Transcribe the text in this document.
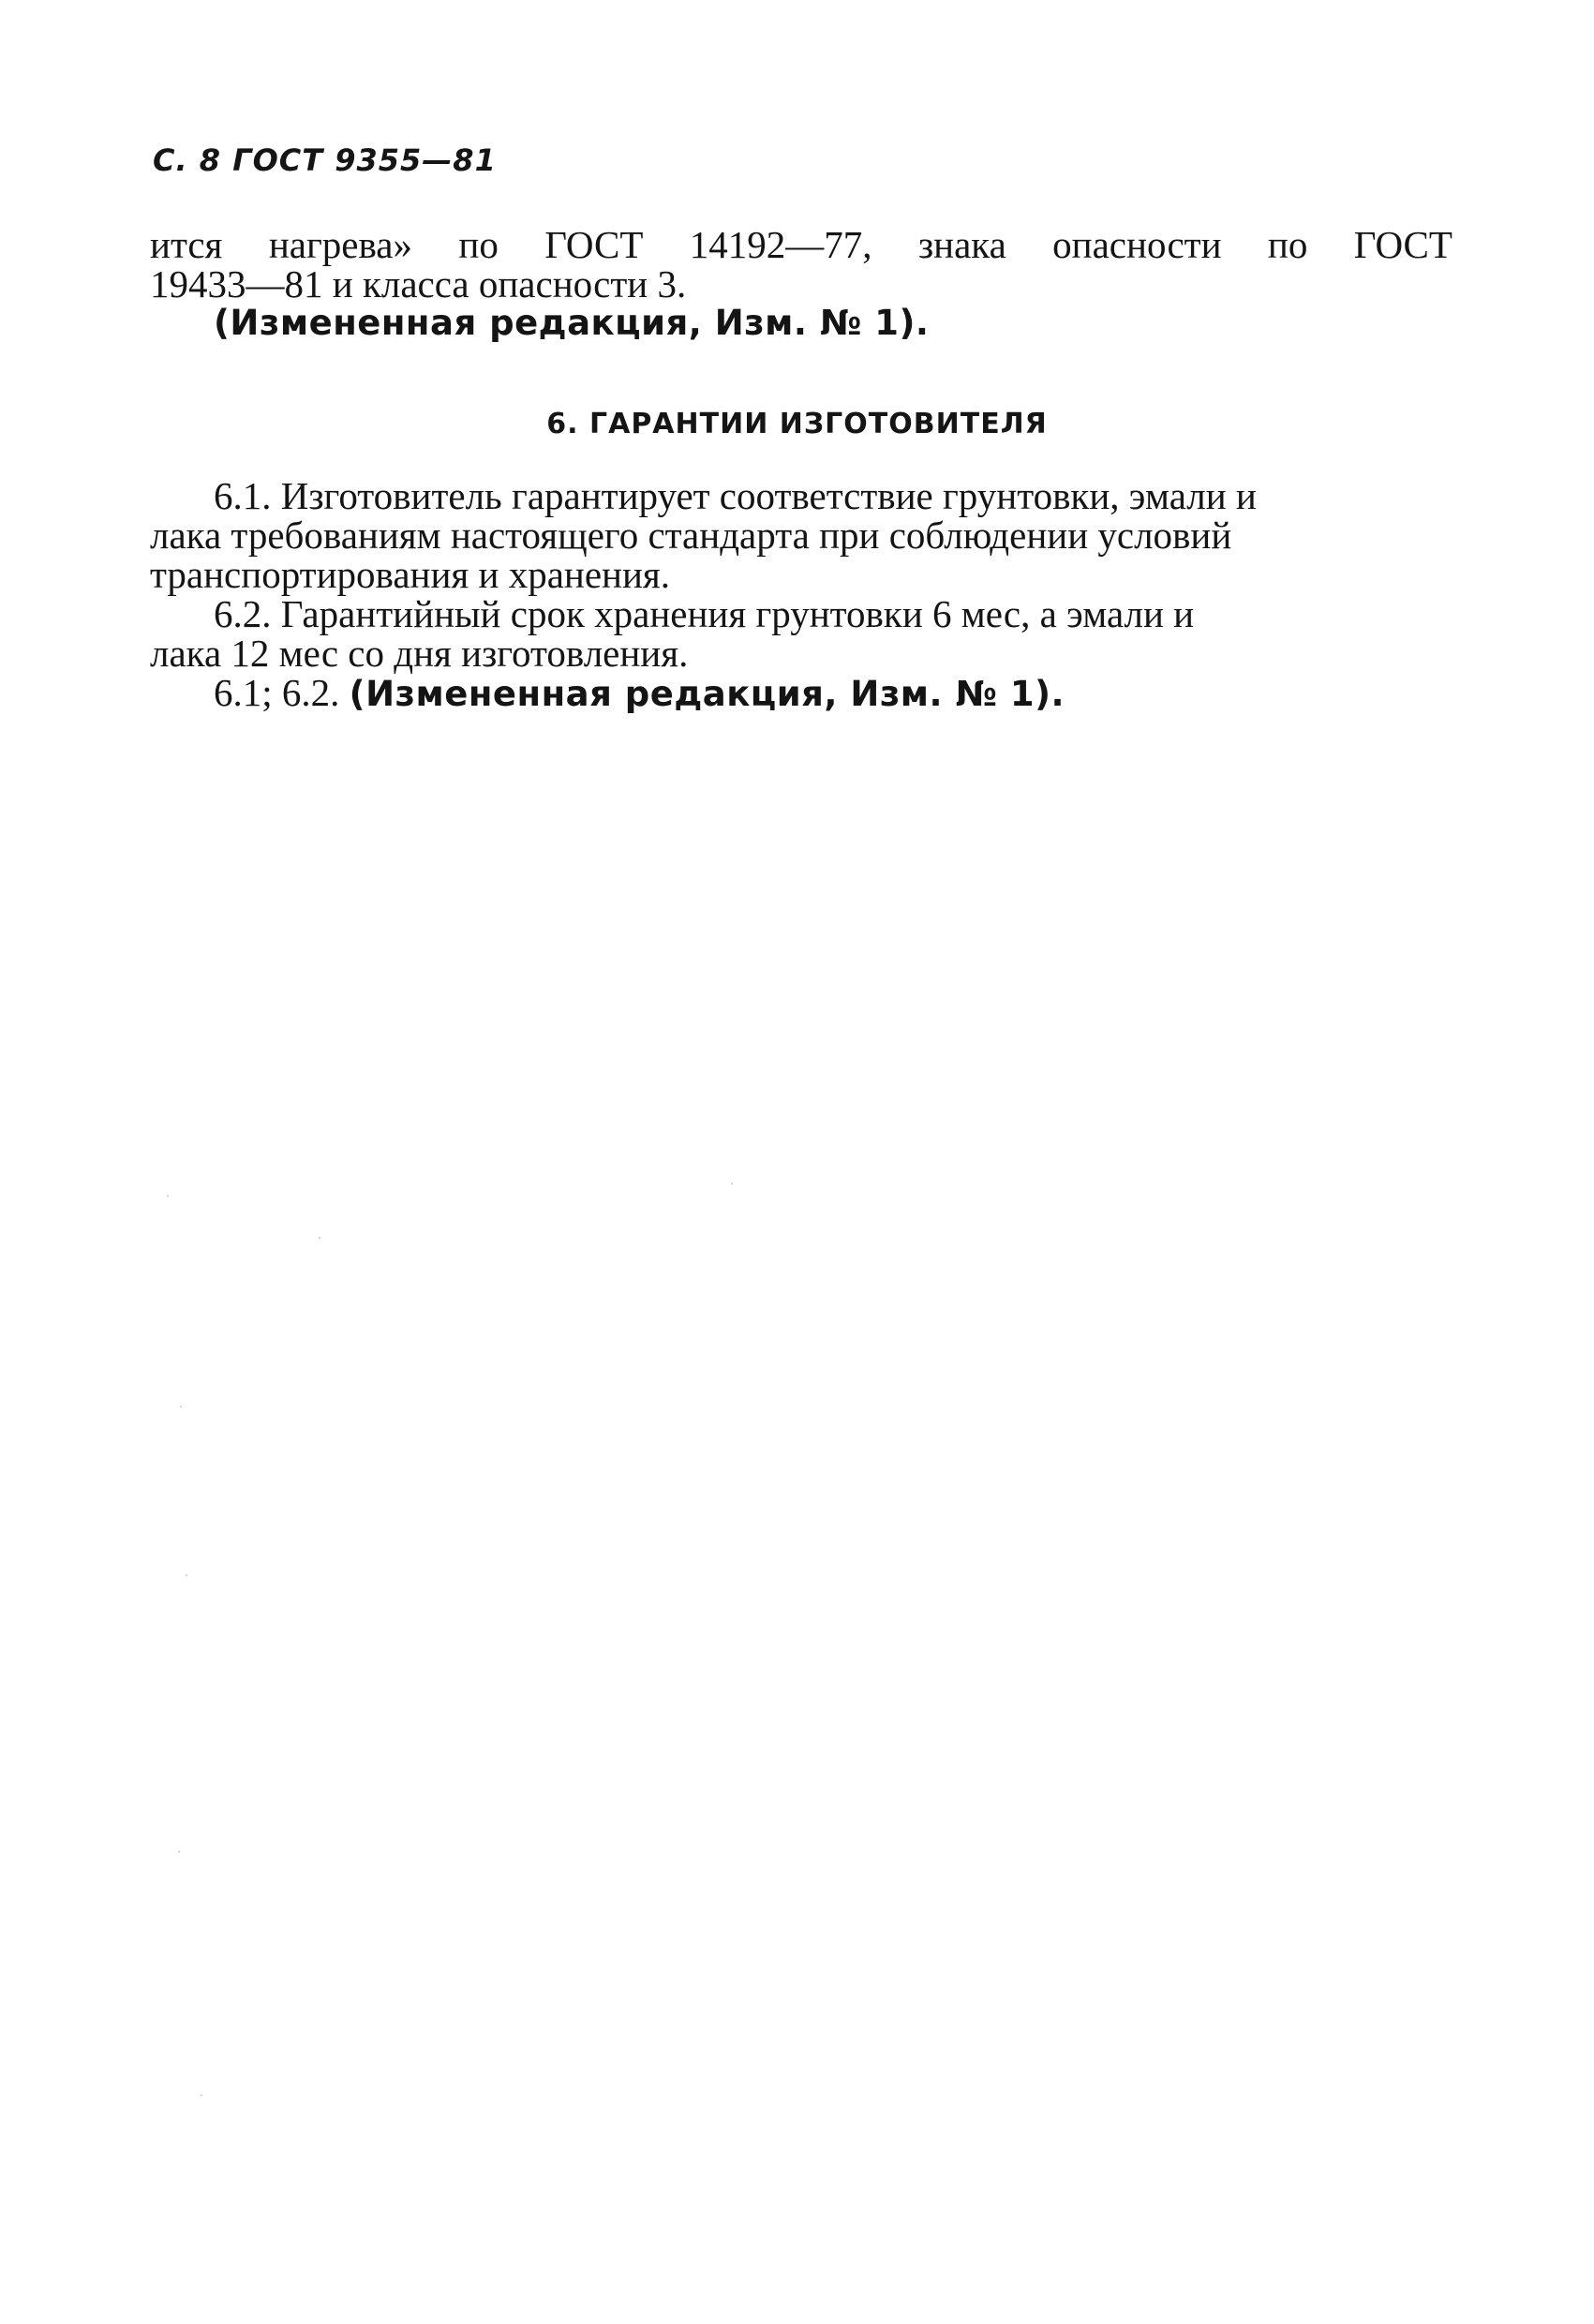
С. 8 ГОСТ 9355—81
ится нагрева» по ГОСТ 14192—77, знака опасности по ГОСТ
19433—81 и класса опасности 3.
(Измененная редакция, Изм. № 1).
6. ГАРАНТИИ ИЗГОТОВИТЕЛЯ
6.1. Изготовитель гарантирует соответствие грунтовки, эмали и
лака требованиям настоящего стандарта при соблюдении условий
транспортирования и хранения.
6.2. Гарантийный срок хранения грунтовки 6 мес, а эмали и
лака 12 мес со дня изготовления.
6.1; 6.2. (Измененная редакция, Изм. № 1).
